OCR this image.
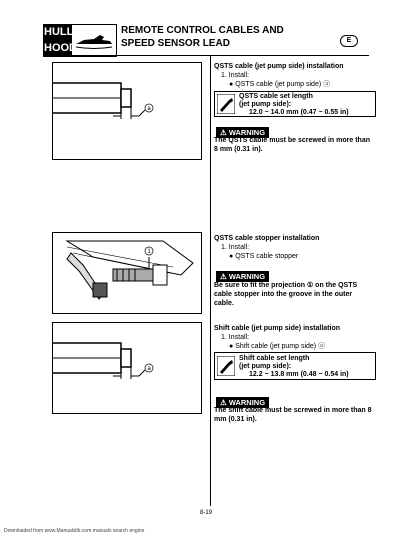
HULL
HOOD
REMOTE CONTROL CABLES AND
SPEED SENSOR LEAD	E
a
QSTS cable (jet pump side) installation
1. Install:
● QSTS cable (jet pump side) ⓐ
QSTS cable set length
(jet pump side):
12.0 ~ 14.0 mm (0.47 ~ 0.55 in)
⚠ WARNING
The QSTS cable must be screwed in more than 8 mm (0.31 in).
1
QSTS cable stopper installation
1. Install:
● QSTS cable stopper
⚠ WARNING
Be sure to fit the projection ① on the QSTS cable stopper into the groove in the outer cable.
a
Shift cable (jet pump side) installation
1. Install:
● Shift cable (jet pump side) ⓐ
Shift cable set length
(jet pump side):
12.2 ~ 13.8 mm (0.48 ~ 0.54 in)
⚠ WARNING
The shift cable must be screwed in more than 8 mm (0.31 in).
8-19
Downloaded from www.Manualslib.com manuals search engine
